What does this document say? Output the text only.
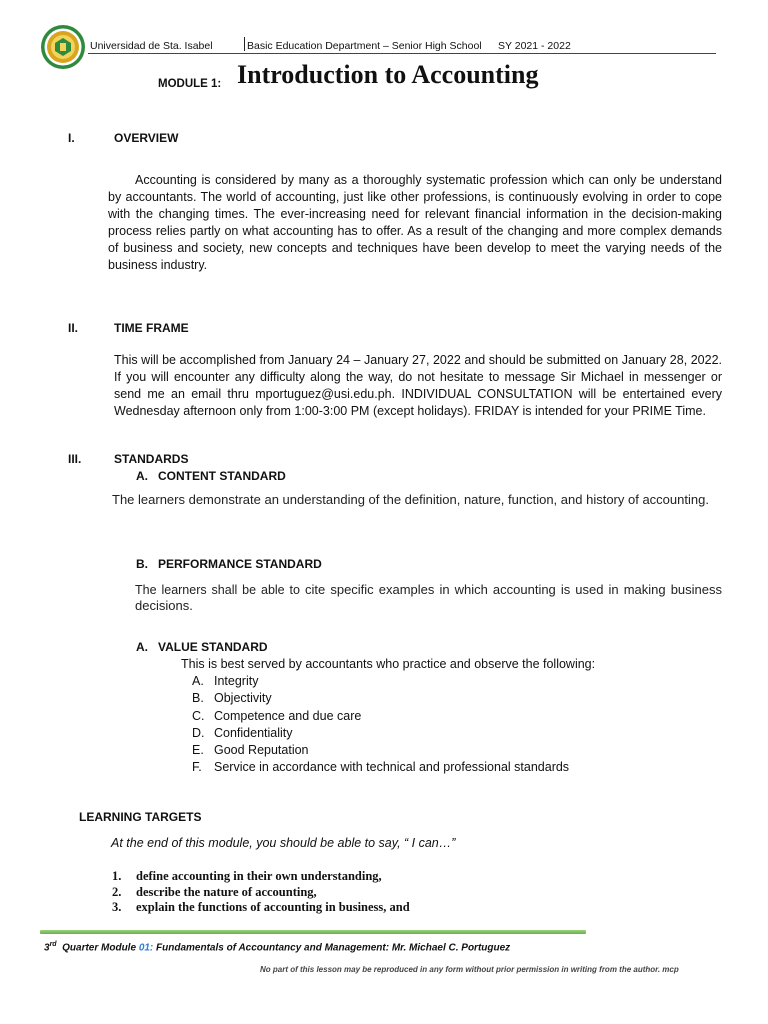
Universidad de Sta. Isabel	Basic Education Department – Senior High School SY 2021 - 2022
MODULE 1: Introduction to Accounting
I.	OVERVIEW
Accounting is considered by many as a thoroughly systematic profession which can only be understand by accountants. The world of accounting, just like other professions, is continuously evolving in order to cope with the changing times. The ever-increasing need for relevant financial information in the decision-making process relies partly on what accounting has to offer. As a result of the changing and more complex demands of business and society, new concepts and techniques have been develop to meet the varying needs of the business industry.
II.	TIME FRAME
This will be accomplished from January 24 – January 27, 2022 and should be submitted on January 28, 2022. If you will encounter any difficulty along the way, do not hesitate to message Sir Michael in messenger or send me an email thru mportuguez@usi.edu.ph. INDIVIDUAL CONSULTATION will be entertained every Wednesday afternoon only from 1:00-3:00 PM (except holidays). FRIDAY is intended for your PRIME Time.
III.	STANDARDS
A. CONTENT STANDARD
The learners demonstrate an understanding of the definition, nature, function, and history of accounting.
B. PERFORMANCE STANDARD
The learners shall be able to cite specific examples in which accounting is used in making business decisions.
A. VALUE STANDARD
This is best served by accountants who practice and observe the following:
A. Integrity
B. Objectivity
C. Competence and due care
D. Confidentiality
E. Good Reputation
F. Service in accordance with technical and professional standards
LEARNING TARGETS
At the end of this module, you should be able to say, “ I can…”
1. define accounting in their own understanding,
2. describe the nature of accounting,
3. explain the functions of accounting in business, and
3rd Quarter Module 01: Fundamentals of Accountancy and Management: Mr. Michael C. Portuguez
No part of this lesson may be reproduced in any form without prior permission in writing from the author. mcp
